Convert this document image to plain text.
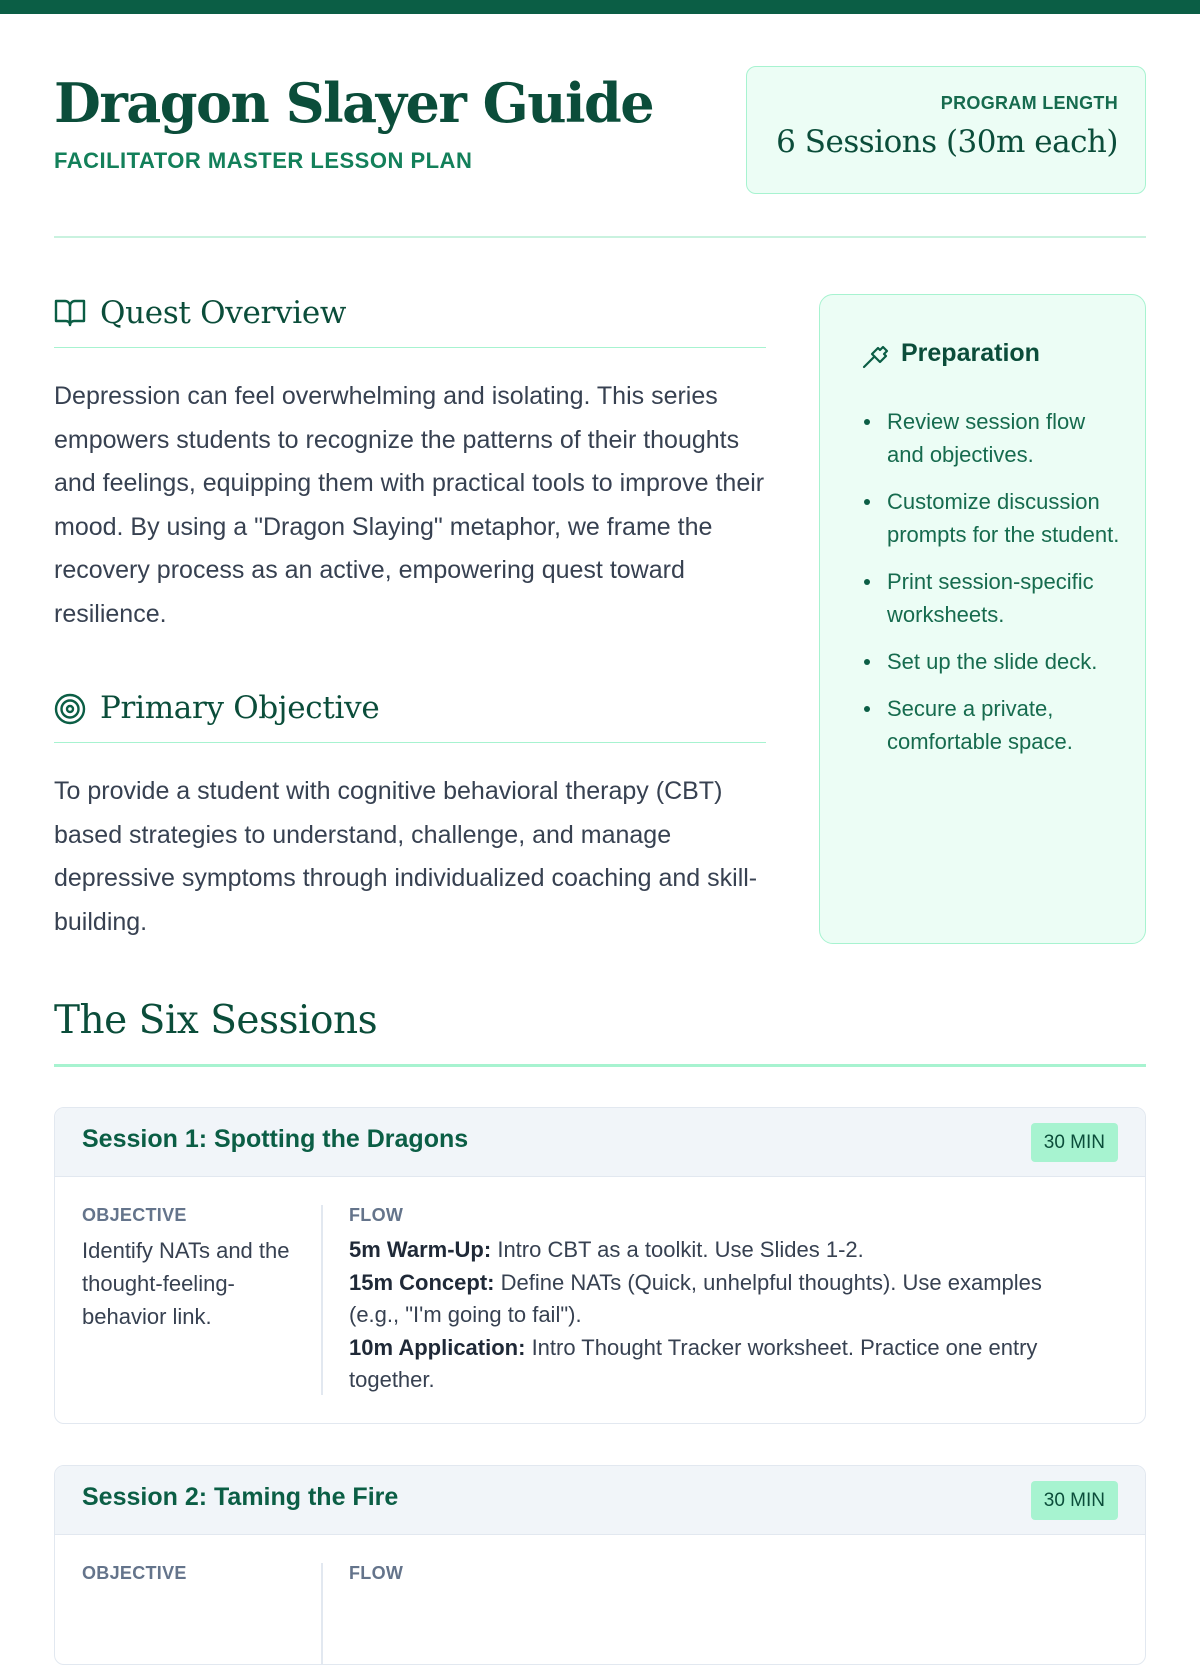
Dragon Slayer Guide
FACILITATOR MASTER LESSON PLAN
PROGRAM LENGTH
6 Sessions (30m each)
Quest Overview

Depression can feel overwhelming and isolating. This series empowers students to recognize the patterns of their thoughts and feelings, equipping them with practical tools to improve their mood. By using a "Dragon Slaying" metaphor, we frame the recovery process as an active, empowering quest toward resilience.

Primary Objective

To provide a student with cognitive behavioral therapy (CBT) based strategies to understand, challenge, and manage depressive symptoms through individualized coaching and skill-building.

Preparation
Review session flow and objectives.
Customize discussion prompts for the student.
Print session-specific worksheets.
Set up the slide deck.
Secure a private, comfortable space.
The Six Sessions
Session 1: Spotting the Dragons	30 MIN
OBJECTIVE

Identify NATs and the thought-feeling-behavior link.

FLOW

5m Warm-Up: Intro CBT as a toolkit. Use Slides 1-2.

15m Concept: Define NATs (Quick, unhelpful thoughts). Use examples (e.g., "I'm going to fail").

10m Application: Intro Thought Tracker worksheet. Practice one entry together.

Session 2: Taming the Fire	30 MIN
OBJECTIVE	FLOW
